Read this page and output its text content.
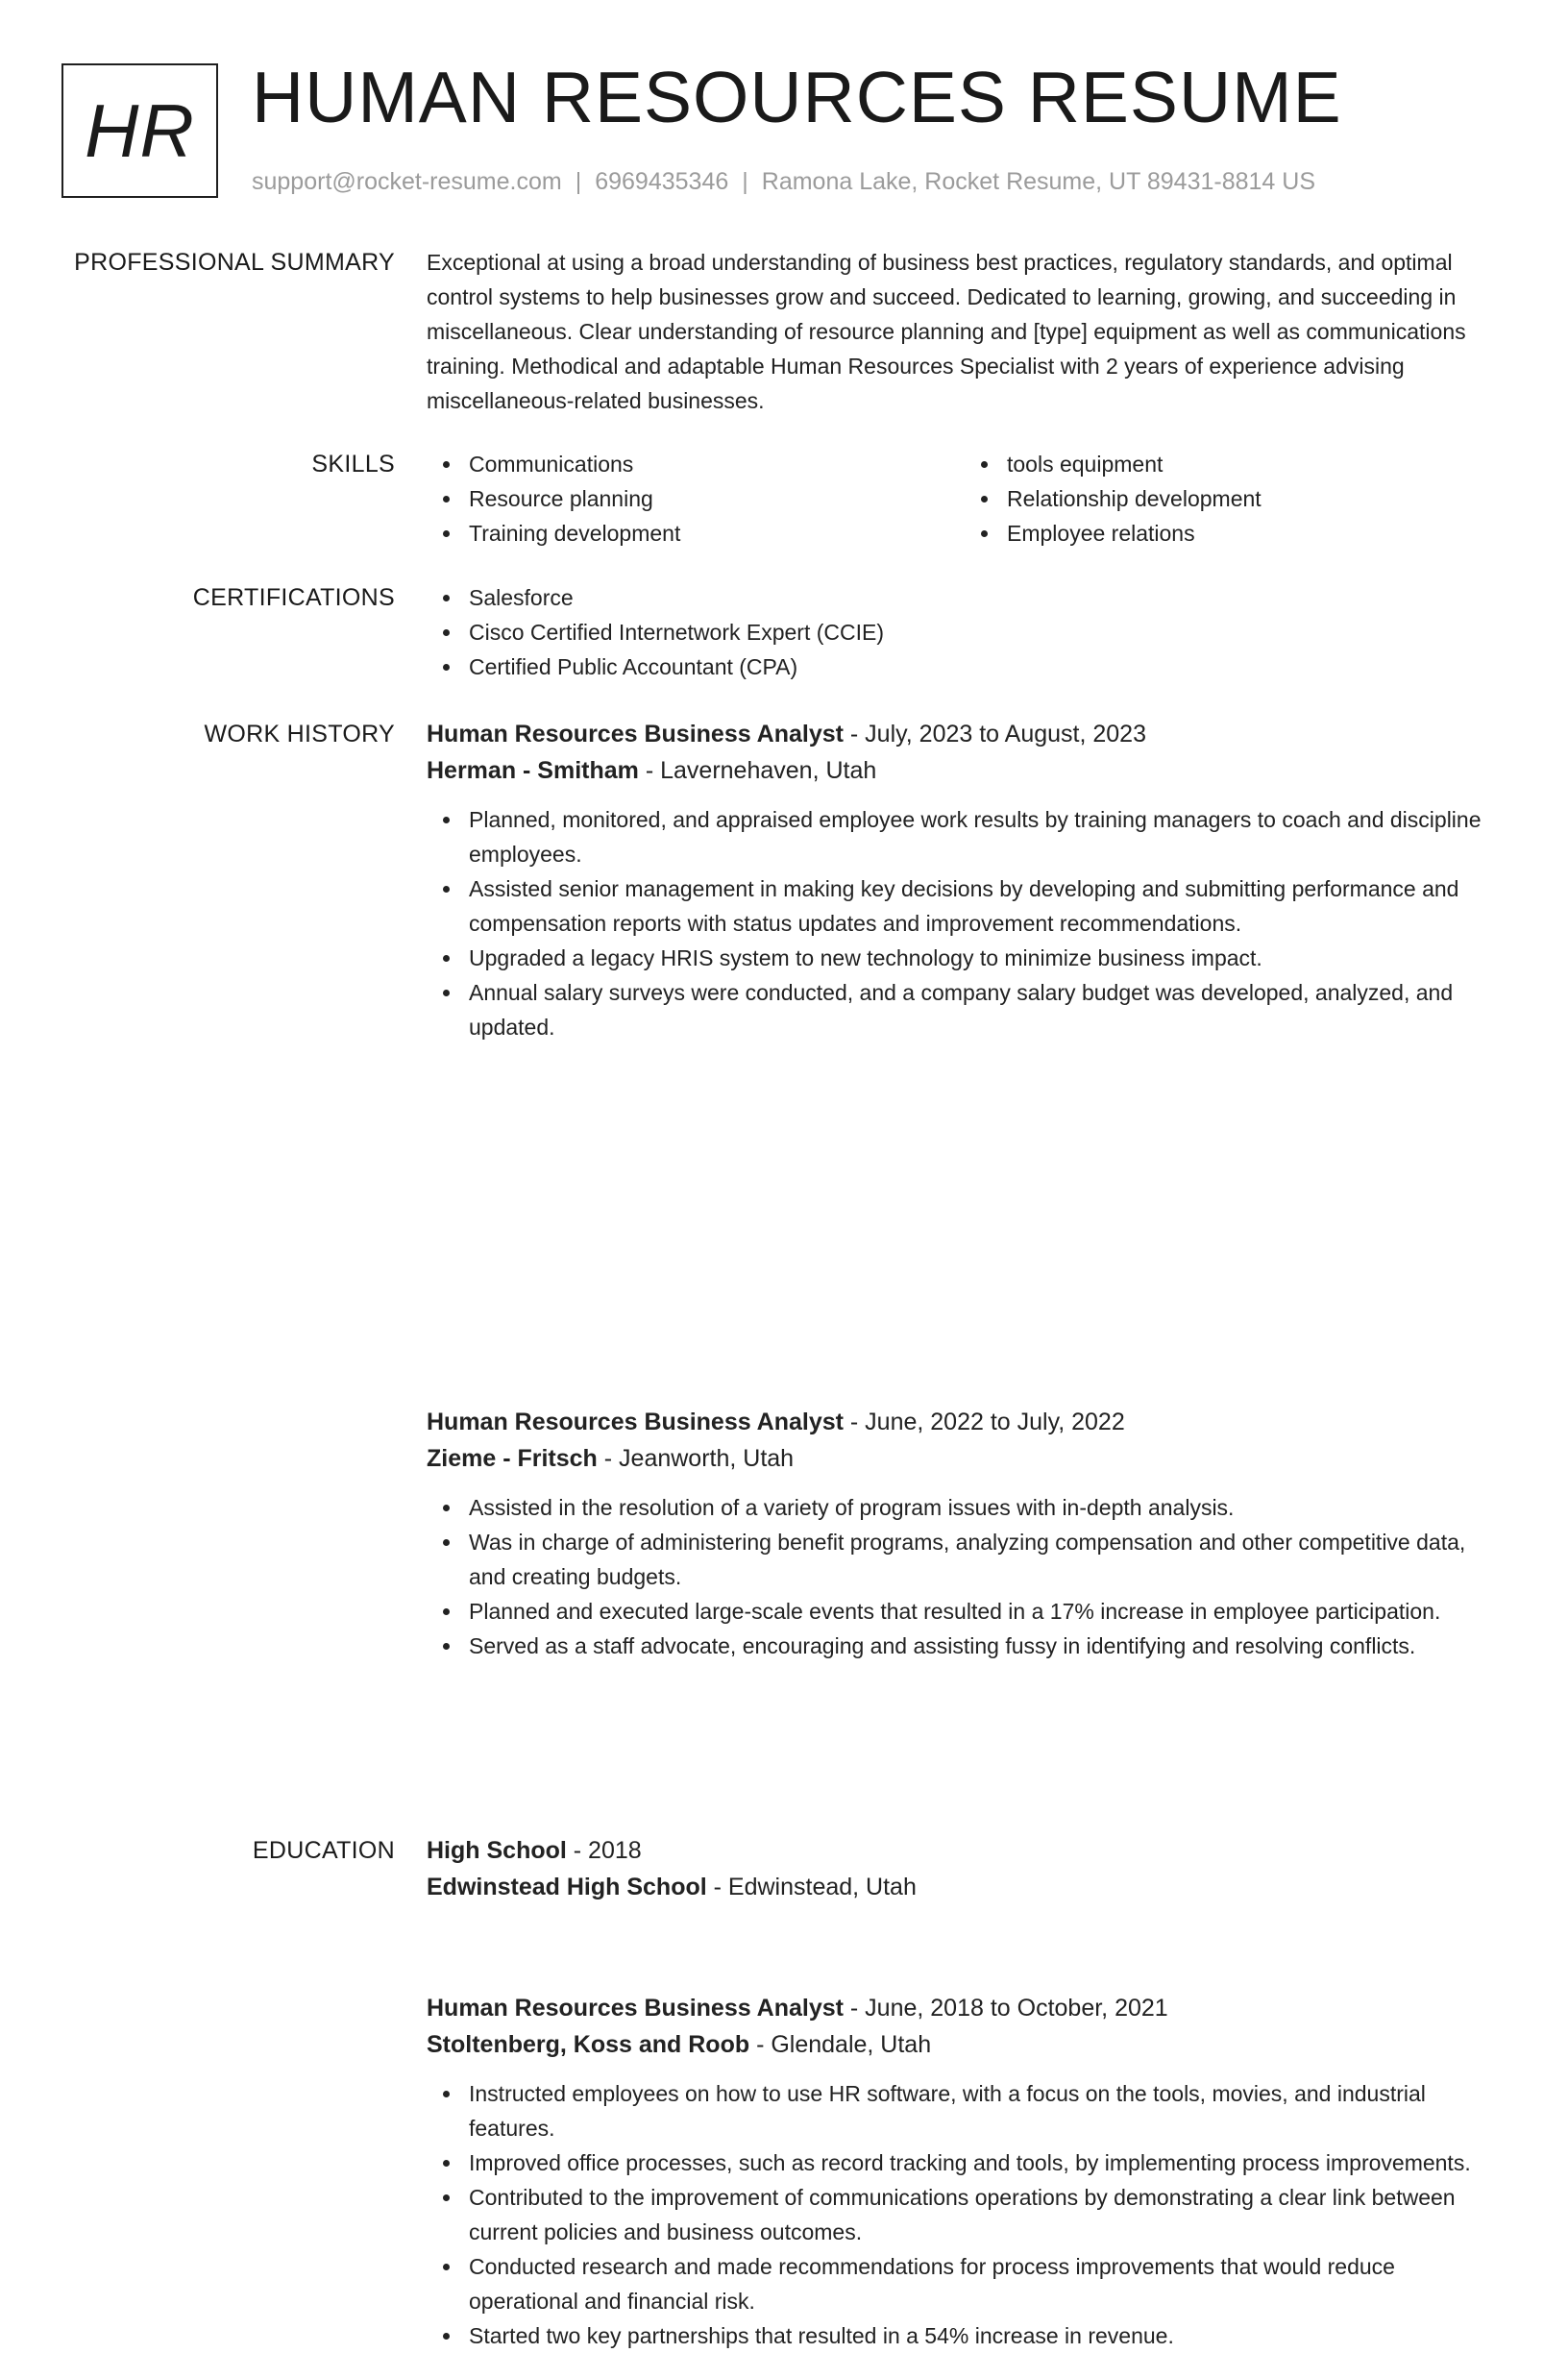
HR HUMAN RESOURCES RESUME
support@rocket-resume.com | 6969435346 | Ramona Lake, Rocket Resume, UT 89431-8814 US
PROFESSIONAL SUMMARY Exceptional at using a broad understanding of business best practices, regulatory standards, and optimal control systems to help businesses grow and succeed. Dedicated to learning, growing, and succeeding in miscellaneous. Clear understanding of resource planning and [type] equipment as well as communications training. Methodical and adaptable Human Resources Specialist with 2 years of experience advising miscellaneous-related businesses.

SKILLS	Communications
Resource planning
Training development
tools equipment
Relationship development
Employee relations
CERTIFICATIONS	Salesforce
Cisco Certified Internetwork Expert (CCIE)
Certified Public Accountant (CPA)
WORK HISTORY Human Resources Business Analyst - July, 2023 to August, 2023
Herman - Smitham - Lavernehaven, Utah
Planned, monitored, and appraised employee work results by training managers to coach and discipline employees.
Assisted senior management in making key decisions by developing and submitting performance and compensation reports with status updates and improvement recommendations.
Upgraded a legacy HRIS system to new technology to minimize business impact.
Annual salary surveys were conducted, and a company salary budget was developed, analyzed, and updated.
Human Resources Business Analyst - June, 2022 to July, 2022
Zieme - Fritsch - Jeanworth, Utah
Assisted in the resolution of a variety of program issues with in-depth analysis.
Was in charge of administering benefit programs, analyzing compensation and other competitive data, and creating budgets.
Planned and executed large-scale events that resulted in a 17% increase in employee participation.
Served as a staff advocate, encouraging and assisting fussy in identifying and resolving conflicts.
Human Resources Business Analyst - June, 2018 to October, 2021
Stoltenberg, Koss and Roob - Glendale, Utah
Instructed employees on how to use HR software, with a focus on the tools, movies, and industrial features.
Improved office processes, such as record tracking and tools, by implementing process improvements.
Contributed to the improvement of communications operations by demonstrating a clear link between current policies and business outcomes.
Conducted research and made recommendations for process improvements that would reduce operational and financial risk.
Started two key partnerships that resulted in a 54% increase in revenue.
EDUCATION High School - 2018
Edwinstead High School - Edwinstead, Utah
